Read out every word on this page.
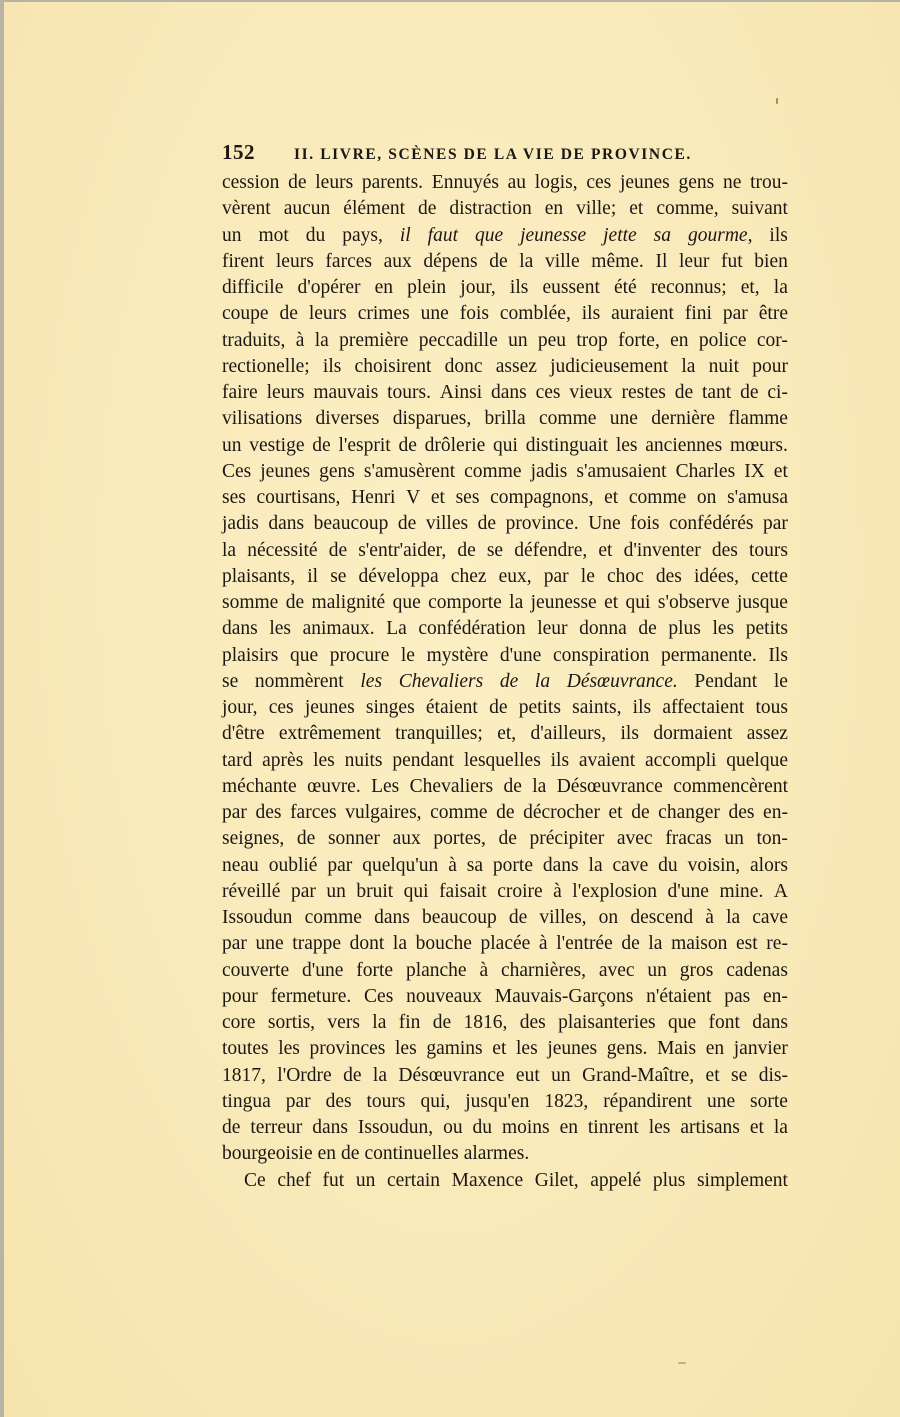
152	II. LIVRE, SCÈNES DE LA VIE DE PROVINCE.
cession de leurs parents. Ennuyés au logis, ces jeunes gens ne trou-
vèrent aucun élément de distraction en ville; et comme, suivant
un mot du pays, il faut que jeunesse jette sa gourme, ils
firent leurs farces aux dépens de la ville même. Il leur fut bien
difficile d'opérer en plein jour, ils eussent été reconnus; et, la
coupe de leurs crimes une fois comblée, ils auraient fini par être
traduits, à la première peccadille un peu trop forte, en police cor-
rectionelle; ils choisirent donc assez judicieusement la nuit pour
faire leurs mauvais tours. Ainsi dans ces vieux restes de tant de ci-
vilisations diverses disparues, brilla comme une dernière flamme
un vestige de l'esprit de drôlerie qui distinguait les anciennes mœurs.
Ces jeunes gens s'amusèrent comme jadis s'amusaient Charles IX et
ses courtisans, Henri V et ses compagnons, et comme on s'amusa
jadis dans beaucoup de villes de province. Une fois confédérés par
la nécessité de s'entr'aider, de se défendre, et d'inventer des tours
plaisants, il se développa chez eux, par le choc des idées, cette
somme de malignité que comporte la jeunesse et qui s'observe jusque
dans les animaux. La confédération leur donna de plus les petits
plaisirs que procure le mystère d'une conspiration permanente. Ils
se nommèrent les Chevaliers de la Désœuvrance. Pendant le
jour, ces jeunes singes étaient de petits saints, ils affectaient tous
d'être extrêmement tranquilles; et, d'ailleurs, ils dormaient assez
tard après les nuits pendant lesquelles ils avaient accompli quelque
méchante œuvre. Les Chevaliers de la Désœuvrance commencèrent
par des farces vulgaires, comme de décrocher et de changer des en-
seignes, de sonner aux portes, de précipiter avec fracas un ton-
neau oublié par quelqu'un à sa porte dans la cave du voisin, alors
réveillé par un bruit qui faisait croire à l'explosion d'une mine. A
Issoudun comme dans beaucoup de villes, on descend à la cave
par une trappe dont la bouche placée à l'entrée de la maison est re-
couverte d'une forte planche à charnières, avec un gros cadenas
pour fermeture. Ces nouveaux Mauvais-Garçons n'étaient pas en-
core sortis, vers la fin de 1816, des plaisanteries que font dans
toutes les provinces les gamins et les jeunes gens. Mais en janvier
1817, l'Ordre de la Désœuvrance eut un Grand-Maître, et se dis-
tingua par des tours qui, jusqu'en 1823, répandirent une sorte
de terreur dans Issoudun, ou du moins en tinrent les artisans et la
bourgeoisie en de continuelles alarmes.
Ce chef fut un certain Maxence Gilet, appelé plus simplement
